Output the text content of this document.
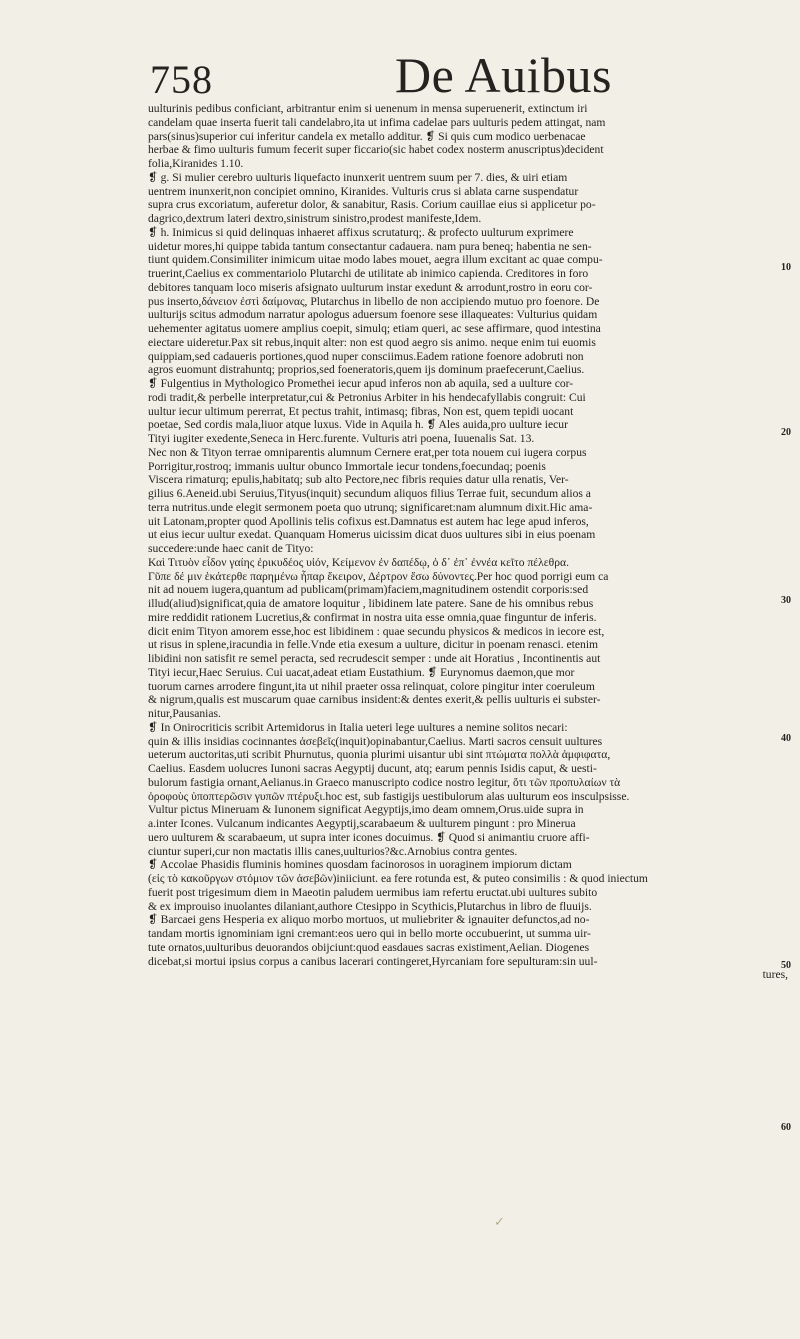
758	De Auibus
uulturinis pedibus conficiant, arbitrantur enim si uenenum in mensa superuenerit, extinctum iri
candelam quae inserta fuerit tali candelabro,ita ut infima cadelae pars uulturis pedem attingat, nam
pars(sinus)superior cui inferitur candela ex metallo additur. ❡ Si quis cum modico uerbenacae
herbae & fimo uulturis fumum fecerit super ficcario(sic habet codex nosterm anuscriptus)decident
folia,Kiranides 1.10.
❡ g. Si mulier cerebro uulturis liquefacto inunxerit uentrem suum per 7. dies, & uiri etiam
uentrem inunxerit,non concipiet omnino, Kiranides. Vulturis crus si ablata carne suspendatur
supra crus excoriatum, auferetur dolor, & sanabitur, Rasis. Corium cauillae eius si applicetur po-
dagrico,dextrum lateri dextro,sinistrum sinistro,prodest manifeste,Idem.
❡ h. Inimicus si quid delinquas inhaeret affixus scrutaturq;. & profecto uulturum exprimere
uidetur mores,hi quippe tabida tantum consectantur cadauera. nam pura beneq; habentia ne sen-
tiunt quidem.Consimiliter inimicum uitae modo labes mouet, aegra illum excitant ac quae compu-
truerint,Caelius ex commentariolo Plutarchi de utilitate ab inimico capienda. Creditores in foro
debitores tanquam loco miseris afsignato uulturum instar exedunt & arrodunt,rostro in eoru cor-
pus inserto,δάνειον ἐστὶ δαίμονας, Plutarchus in libello de non accipiendo mutuo pro foenore. De
uulturijs scitus admodum narratur apologus aduersum foenore sese illaqueates: Vulturius quidam
uehementer agitatus uomere amplius coepit, simulq; etiam queri, ac sese affirmare, quod intestina
eiectare uideretur.Pax sit rebus,inquit alter: non est quod aegro sis animo. neque enim tui euomis
quippiam,sed cadaueris portiones,quod nuper consciimus.Eadem ratione foenore adobruti non
agros euomunt distrahuntq; proprios,sed foeneratoris,quem ijs dominum praefecerunt,Caelius.
❡ Fulgentius in Mythologico Promethei iecur apud inferos non ab aquila, sed a uulture cor-
rodi tradit,& perbelle interpretatur,cui & Petronius Arbiter in his hendecafyllabis congruit: Cui
uultur iecur ultimum pererrat, Et pectus trahit, intimasq; fibras, Non est, quem tepidi uocant
poetae, Sed cordis mala,liuor atque luxus. Vide in Aquila h. ❡ Ales auida,pro uulture iecur
Tityi iugiter exedente,Seneca in Herc.furente. Vulturis atri poena, Iuuenalis Sat. 13.
Nec non & Tityon terrae omniparentis alumnum Cernere erat,per tota nouem cui iugera corpus
Porrigitur,rostroq; immanis uultur obunco Immortale iecur tondens,foecundaq; poenis
Viscera rimaturq; epulis,habitatq; sub alto Pectore,nec fibris requies datur ulla renatis, Ver-
gilius 6.Aeneid.ubi Seruius,Tityus(inquit) secundum aliquos filius Terrae fuit, secundum alios a
terra nutritus.unde elegit sermonem poeta quo utrunq; significaret:nam alumnum dixit.Hic ama-
uit Latonam,propter quod Apollinis telis cofixus est.Damnatus est autem hac lege apud inferos,
ut eius iecur uultur exedat. Quanquam Homerus uicissim dicat duos uultures sibi in eius poenam
succedere:unde haec canit de Tityo:
Καὶ Τιτυὸν εἶδον γαίης ἐρικυδέος υἱόν, Κείμενον ἐν δαπέδῳ, ὁ δ᾽ ἐπ᾽ ἐννέα κεῖτο πέλεθρα.
Γῦπε δέ μιν ἑκάτερθε παρημένω ἧπαρ ἔκειρον, Δέρτρον ἔσω δύνοντες.Per hoc quod porrigi eum ca
nit ad nouem iugera,quantum ad publicam(primam)faciem,magnitudinem ostendit corporis:sed
illud(aliud)significat,quia de amatore loquitur , libidinem late patere. Sane de his omnibus rebus
mire reddidit rationem Lucretius,& confirmat in nostra uita esse omnia,quae finguntur de inferis.
dicit enim Tityon amorem esse,hoc est libidinem : quae secundu physicos & medicos in iecore est,
ut risus in splene,iracundia in felle.Vnde etia exesum a uulture, dicitur in poenam renasci. etenim
libidini non satisfit re semel peracta, sed recrudescit semper : unde ait Horatius , Incontinentis aut
Tityi iecur,Haec Seruius. Cui uacat,adeat etiam Eustathium. ❡ Eurynomus daemon,que mor
tuorum carnes arrodere fingunt,ita ut nihil praeter ossa relinquat, colore pingitur inter coeruleum
& nigrum,qualis est muscarum quae carnibus insident:& dentes exerit,& pellis uulturis ei subster-
nitur,Pausanias.
❡ In Onirocriticis scribit Artemidorus in Italia ueteri lege uultures a nemine solitos necari:
quin & illis insidias cocinnantes ἀσεβεῖς(inquit)opinabantur,Caelius. Marti sacros censuit uultures
ueterum auctoritas,uti scribit Phurnutus, quonia plurimi uisantur ubi sint πτώματα πολλὰ ἀμφιφατα,
Caelius. Easdem uolucres Iunoni sacras Aegyptij ducunt, atq; earum pennis Isidis caput, & uesti-
bulorum fastigia ornant,Aelianus.in Graeco manuscripto codice nostro legitur, ὅτι τῶν προπυλαίων τὰ
ὀροφοὺς ὑποπτερῶσιν γυπῶν πτέρυξι.hoc est, sub fastigijs uestibulorum alas uulturum eos insculpsisse.
Vultur pictus Mineruam & Iunonem significat Aegyptijs,imo deam omnem,Orus.uide supra in
a.inter Icones. Vulcanum indicantes Aegyptij,scarabaeum & uulturem pingunt : pro Minerua
uero uulturem & scarabaeum, ut supra inter icones docuimus. ❡ Quod si animantiu cruore affi-
ciuntur superi,cur non mactatis illis canes,uulturios?&c.Arnobius contra gentes.
❡ Accolae Phasidis fluminis homines quosdam facinorosos in uoraginem impiorum dictam
(εἰς τὸ κακοῦργων στόμιον τῶν ἀσεβῶν)iniiciunt. ea fere rotunda est, & puteo consimilis : & quod iniectum
fuerit post trigesimum diem in Maeotin paludem uermibus iam refertu eructat.ubi uultures subito
& ex improuiso inuolantes dilaniant,authore Ctesippo in Scythicis,Plutarchus in libro de fluuijs.
❡ Barcaei gens Hesperia ex aliquo morbo mortuos, ut muliebriter & ignauiter defunctos,ad no-
tandam mortis ignominiam igni cremant:eos uero qui in bello morte occubuerint, ut summa uir-
tute ornatos,uulturibus deuorandos obijciunt:quod easdaues sacras existiment,Aelian. Diogenes
dicebat,si mortui ipsius corpus a canibus lacerari contingeret,Hyrcaniam fore sepulturam:sin uul-
tures,
10
20
30
40
50
60
✓
